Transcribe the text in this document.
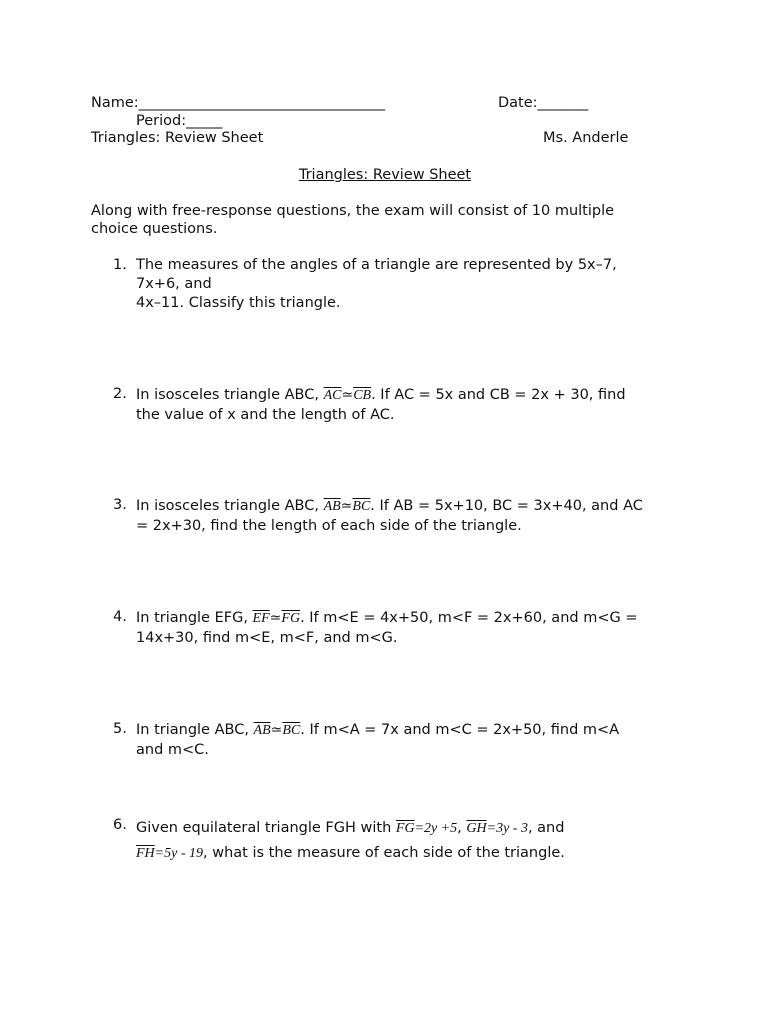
Name:__________________________________	Date:_______
Period:_____
Triangles: Review Sheet	Ms. Anderle
Triangles: Review Sheet
Along with free-response questions, the exam will consist of 10 multiple
choice questions.
1. The measures of the angles of a triangle are represented by 5x–7,
7x+6, and
4x–11. Classify this triangle.
2. In isosceles triangle ABC, $\overline{AC}≃\overline{CB}$. If AC = 5x and CB = 2x + 30, find
the value of x and the length of AC.
3. In isosceles triangle ABC, $\overline{AB}≃\overline{BC}$. If AB = 5x+10, BC = 3x+40, and AC
= 2x+30, find the length of each side of the triangle.
4. In triangle EFG, $\overline{EF}≃\overline{FG}$. If m<E = 4x+50, m<F = 2x+60, and m<G =
14x+30, find m<E, m<F, and m<G.
5. In triangle ABC, $\overline{AB}≃\overline{BC}$. If m<A = 7x and m<C = 2x+50, find m<A
and m<C.
6. Given equilateral triangle FGH with $\overline{FG}=2y +5$, $\overline{GH}=3y - 3$, and
$\overline{FH}=5y - 19$, what is the measure of each side of the triangle.
